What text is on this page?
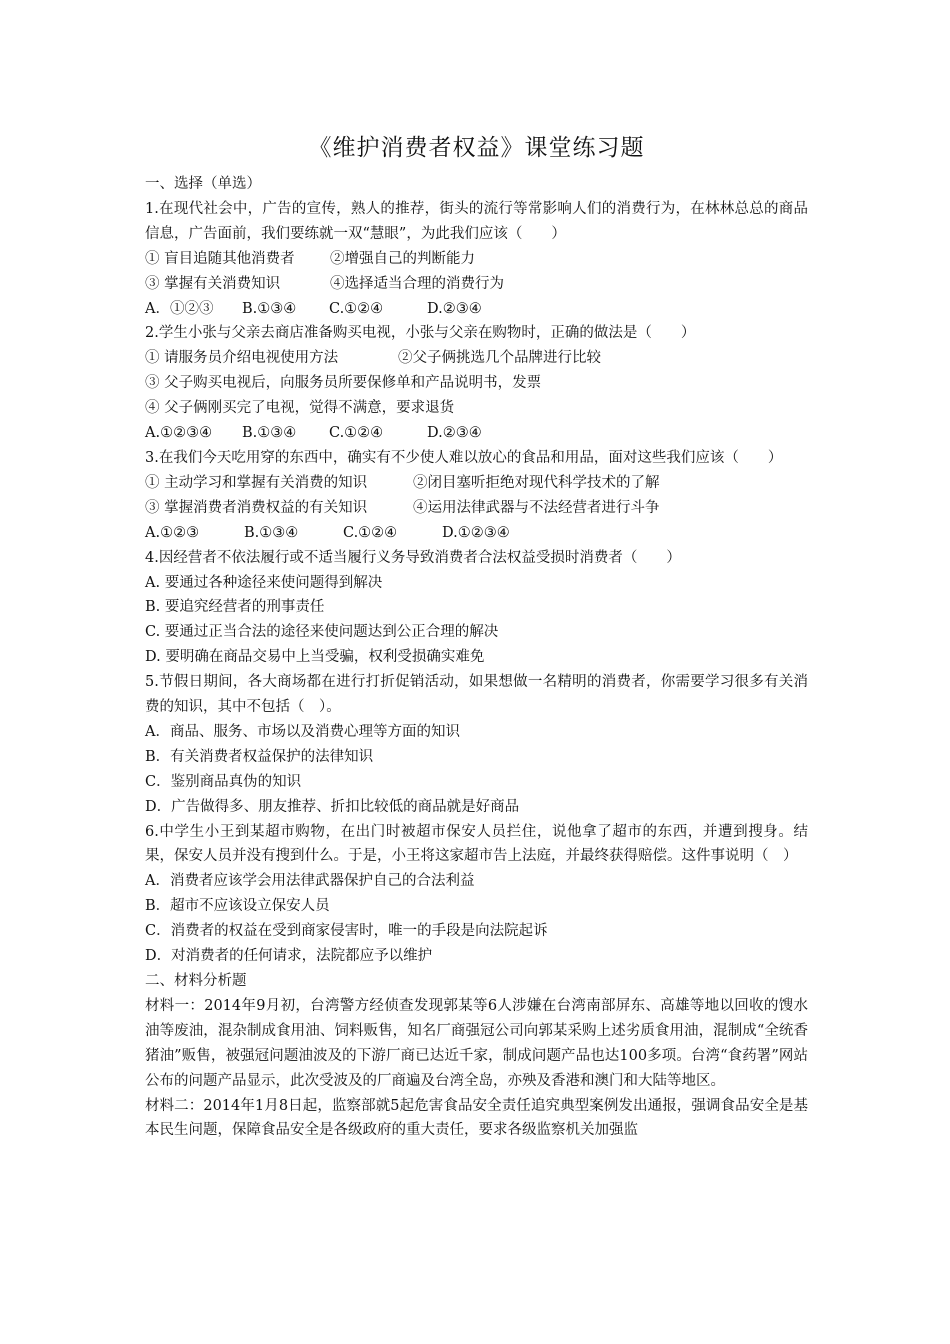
《维护消费者权益》课堂练习题
一、选择（单选）
1.在现代社会中，广告的宣传，熟人的推荐，街头的流行等常影响人们的消费行为，在林林总总的商品信息，广告面前，我们要练就一双“慧眼”，为此我们应该（　　）
① 盲目追随其他消费者 ②增强自己的判断能力
③ 掌握有关消费知识	④选择适当合理的消费行为
A．①②③ B.①③④ C.①②④	D.②③④
2.学生小张与父亲去商店准备购买电视，小张与父亲在购物时，正确的做法是（　　）
① 请服务员介绍电视使用方法	②父子俩挑选几个品牌进行比较
③ 父子购买电视后，向服务员所要保修单和产品说明书，发票
④ 父子俩刚买完了电视，觉得不满意，要求退货
A.①②③④ B.①③④ C.①②④	D.②③④
3.在我们今天吃用穿的东西中，确实有不少使人难以放心的食品和用品，面对这些我们应该（　　）
① 主动学习和掌握有关消费的知识	②闭目塞听拒绝对现代科学技术的了解
③ 掌握消费者消费权益的有关知识	④运用法律武器与不法经营者进行斗争
A.①②③	B.①③④	C.①②④	D.①②③④
4.因经营者不依法履行或不适当履行义务导致消费者合法权益受损时消费者（　　）
A. 要通过各种途径来使问题得到解决
B. 要追究经营者的刑事责任
C. 要通过正当合法的途径来使问题达到公正合理的解决
D. 要明确在商品交易中上当受骗，权利受损确实难免
5.节假日期间，各大商场都在进行打折促销活动，如果想做一名精明的消费者，你需要学习很多有关消费的知识，其中不包括（　）。
A．商品、服务、市场以及消费心理等方面的知识
B．有关消费者权益保护的法律知识
C．鉴别商品真伪的知识
D．广告做得多、朋友推荐、折扣比较低的商品就是好商品
6.中学生小王到某超市购物，在出门时被超市保安人员拦住，说他拿了超市的东西，并遭到搜身。结果，保安人员并没有搜到什么。于是，小王将这家超市告上法庭，并最终获得赔偿。这件事说明（　）
A．消费者应该学会用法律武器保护自己的合法利益
B．超市不应该设立保安人员
C．消费者的权益在受到商家侵害时，唯一的手段是向法院起诉
D．对消费者的任何请求，法院都应予以维护
二、材料分析题
材料一：2014年9月初，台湾警方经侦查发现郭某等6人涉嫌在台湾南部屏东、高雄等地以回收的馊水油等废油，混杂制成食用油、饲料贩售，知名厂商强冠公司向郭某采购上述劣质食用油，混制成“全统香猪油”贩售，被强冠问题油波及的下游厂商已达近千家，制成问题产品也达100多项。台湾“食药署”网站公布的问题产品显示，此次受波及的厂商遍及台湾全岛，亦殃及香港和澳门和大陆等地区。
材料二：2014年1月8日起，监察部就5起危害食品安全责任追究典型案例发出通报，强调食品安全是基本民生问题，保障食品安全是各级政府的重大责任，要求各级监察机关加强监
